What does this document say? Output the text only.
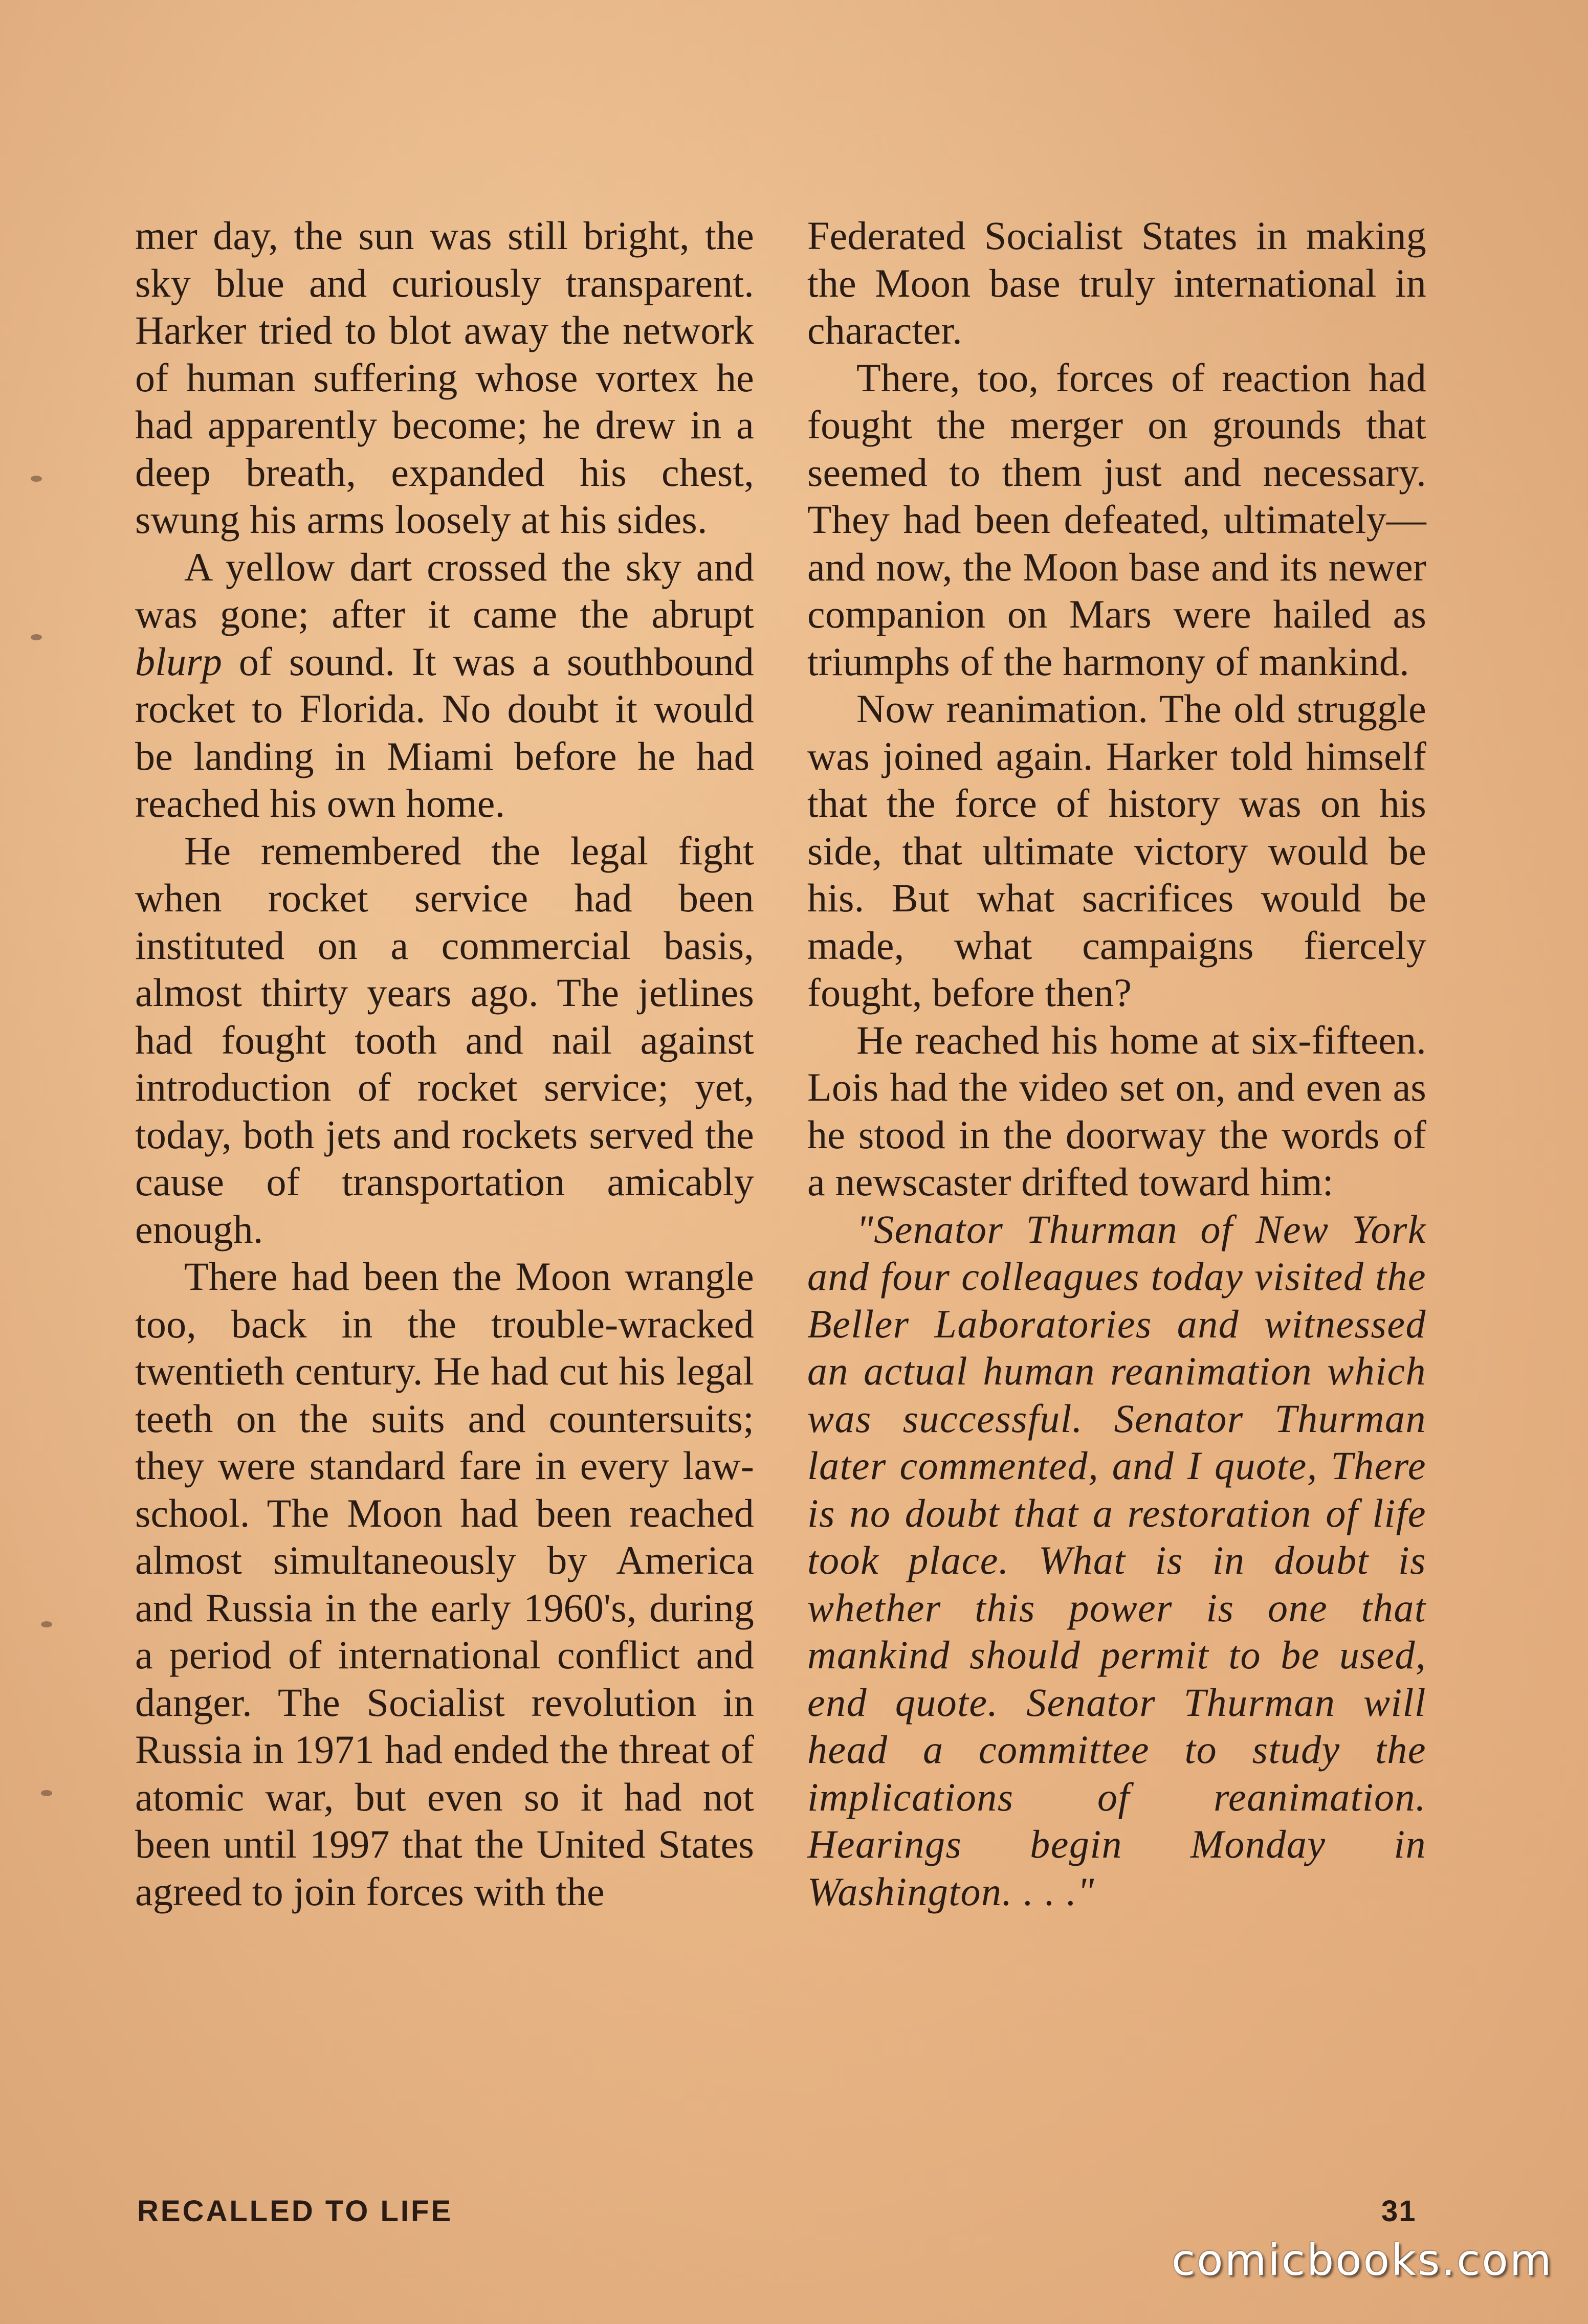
mer day, the sun was still bright, the sky blue and curiously transparent. Harker tried to blot away the network of human suffering whose vortex he had apparently become; he drew in a deep breath, expanded his chest, swung his arms loosely at his sides.

A yellow dart crossed the sky and was gone; after it came the abrupt blurp of sound. It was a southbound rocket to Florida. No doubt it would be landing in Miami before he had reached his own home.

He remembered the legal fight when rocket service had been instituted on a commercial basis, almost thirty years ago. The jetlines had fought tooth and nail against introduction of rocket service; yet, today, both jets and rockets served the cause of transportation amicably enough.

There had been the Moon wrangle too, back in the trouble-wracked twentieth century. He had cut his legal teeth on the suits and countersuits; they were standard fare in every law-school. The Moon had been reached almost simultaneously by America and Russia in the early 1960's, during a period of international conflict and danger. The Socialist revolution in Russia in 1971 had ended the threat of atomic war, but even so it had not been until 1997 that the United States agreed to join forces with the

Federated Socialist States in making the Moon base truly international in character.

There, too, forces of reaction had fought the merger on grounds that seemed to them just and necessary. They had been defeated, ultimately—and now, the Moon base and its newer companion on Mars were hailed as triumphs of the harmony of mankind.

Now reanimation. The old struggle was joined again. Harker told himself that the force of history was on his side, that ultimate victory would be his. But what sacrifices would be made, what campaigns fiercely fought, before then?

He reached his home at six-fifteen. Lois had the video set on, and even as he stood in the doorway the words of a newscaster drifted toward him:

"Senator Thurman of New York and four colleagues today visited the Beller Laboratories and witnessed an actual human reanimation which was successful. Senator Thurman later commented, and I quote, There is no doubt that a restoration of life took place. What is in doubt is whether this power is one that mankind should permit to be used, end quote. Senator Thurman will head a committee to study the implications of reanimation. Hearings begin Monday in Washington. . . ."

RECALLED TO LIFE	31
comicbooks.com
